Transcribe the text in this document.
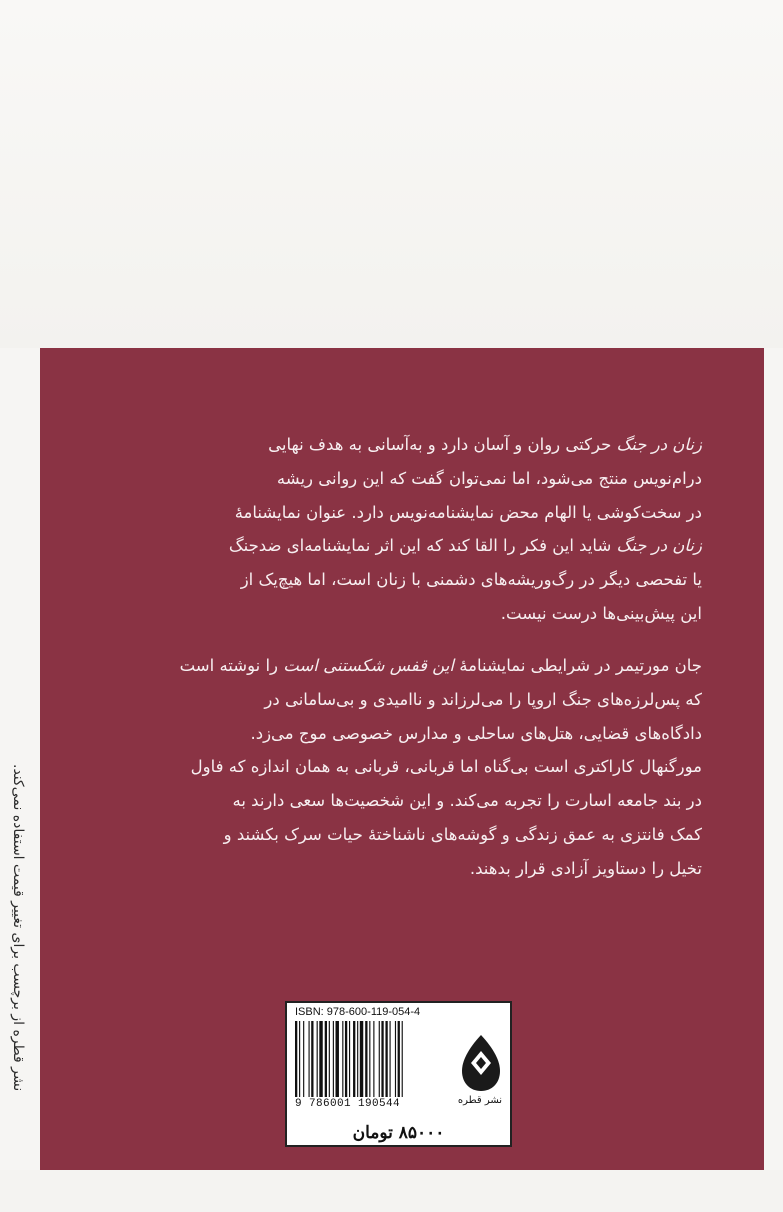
زنان در جنگ حرکتی روان و آسان دارد و به‌آسانی به هدف نهایی
درام‌نویس منتج می‌شود، اما نمی‌توان گفت که این روانی ریشه
در سخت‌کوشی یا الهام محض نمایشنامه‌نویس دارد. عنوان نمایشنامهٔ
زنان در جنگ شاید این فکر را القا کند که این اثر نمایشنامه‌ای ضدجنگ
یا تفحصی دیگر در رگ‌وریشه‌های دشمنی با زنان است، اما هیچ‌یک از
این پیش‌بینی‌ها درست نیست.
جان مورتیمر در شرایطی نمایشنامهٔ این قفس شکستنی است را نوشته است
که پس‌لرزه‌های جنگ اروپا را می‌لرزاند و ناامیدی و بی‌سامانی در
دادگاه‌های قضایی، هتل‌های ساحلی و مدارس خصوصی موج می‌زد.
مورگنهال کاراکتری است بی‌گناه اما قربانی، قربانی به همان اندازه که فاول
در بند جامعه اسارت را تجربه می‌کند. و این شخصیت‌ها سعی دارند به
کمک فانتزی به عمق زندگی و گوشه‌های ناشناختهٔ حیات سرک بکشند و
تخیل را دستاویز آزادی قرار بدهند.
نشر قطره از برچسب برای تغییر قیمت استفاده نمی‌کند.	ISBN: 978-600-119-054-4
9 786001 190544	نشر قطره
۸۵۰۰۰ تومان
